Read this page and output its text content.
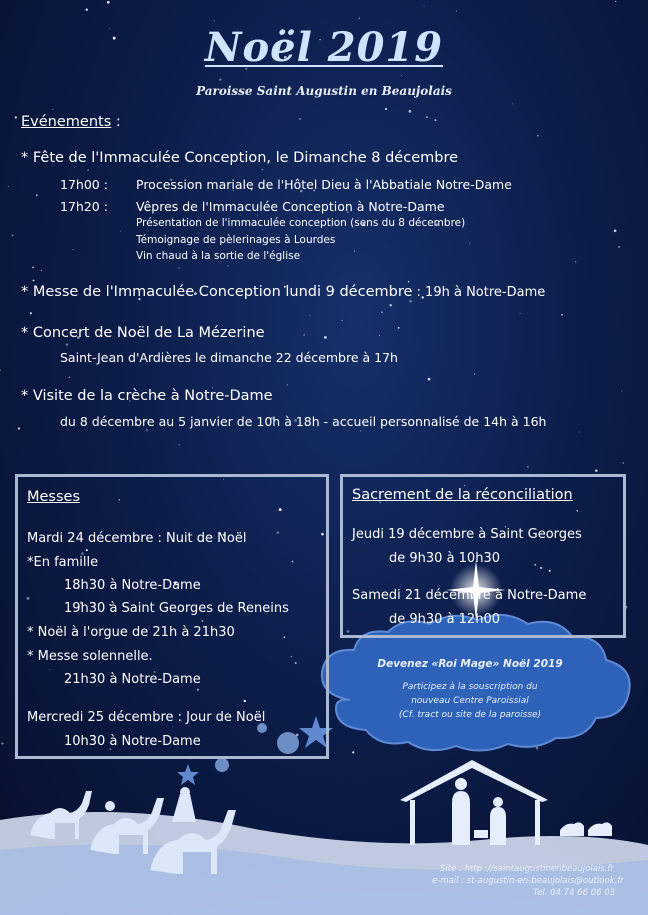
Noël 2019
Paroisse Saint Augustin en Beaujolais
Evénements :
* Fête de l'Immaculée Conception, le Dimanche 8 décembre
17h00 : Procession mariale de l'Hôtel Dieu à l'Abbatiale Notre-Dame
17h20 : Vêpres de l'Immaculée Conception à Notre-Dame
Présentation de l'immaculée conception (sens du 8 décembre)
Témoignage de pèlerinages à Lourdes
Vin chaud à la sortie de l'église
* Messe de l'Immaculée Conception lundi 9 décembre : 19h à Notre-Dame
* Concert de Noël de La Mézerine
Saint-Jean d'Ardières le dimanche 22 décembre à 17h
* Visite de la crèche à Notre-Dame
du 8 décembre au 5 janvier de 10h à 18h - accueil personnalisé de 14h à 16h
Messes
Mardi 24 décembre : Nuit de Noël
*En famille
18h30 à Notre-Dame
19h30 à Saint Georges de Reneins
* Noël à l'orgue de 21h à 21h30
* Messe solennelle.
21h30 à Notre-Dame
Mercredi 25 décembre : Jour de Noël
10h30 à Notre-Dame
Sacrement de la réconciliation
Jeudi 19 décembre à Saint Georges
de 9h30 à 10h30
Samedi 21 décembre à Notre-Dame
de 9h30 à 12h00
Devenez «Roi Mage» Noël 2019
Participez à la souscription du
nouveau Centre Paroissial
(Cf. tract ou site de la paroisse)
Site : http ://saintaugustinenbeaujolais.fr
e-mail : st-augustin-en-beaujolais@outlook.fr
Tel. 04 74 66 06 03
